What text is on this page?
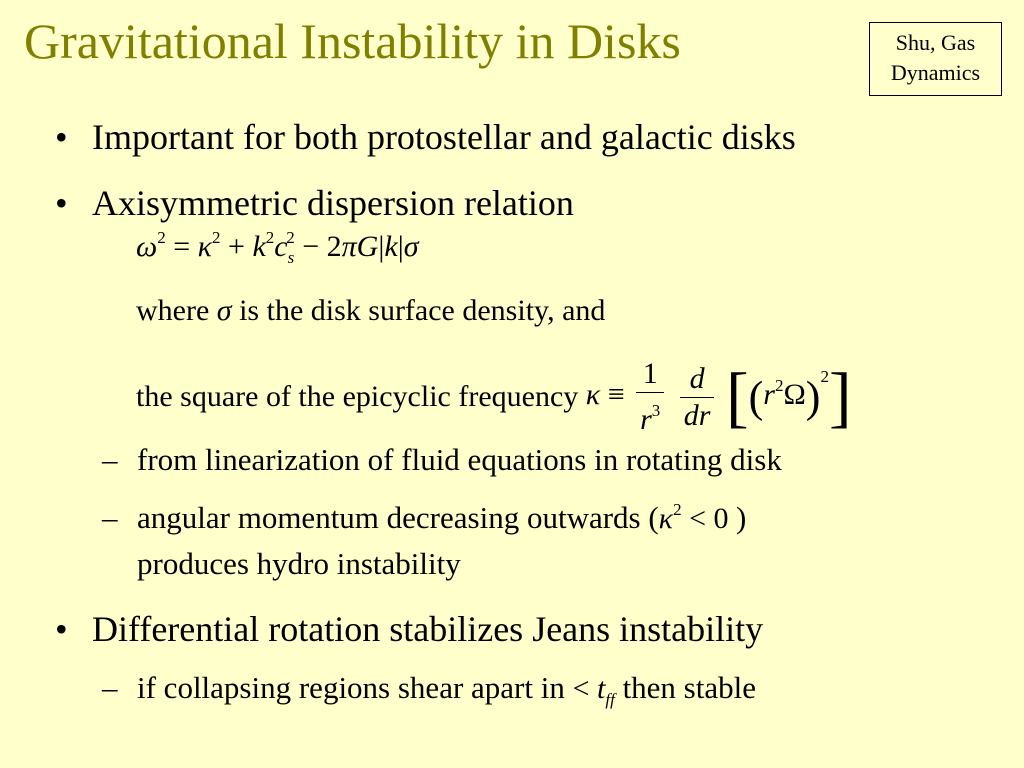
Gravitational Instability in Disks	Shu, Gas
Dynamics
• Important for both protostellar and galactic disks
• Axisymmetric dispersion relation
$\omega^2 = \kappa^2 + k^2c_s^2 - 2\pi G|k|\sigma$
where σ is the disk surface density, and
the square of the epicyclic frequency $\kappa \equiv \frac{1}{r^3}$
$\frac{d}{dr} [(r^2\Omega)^2]$
– from linearization of fluid equations in rotating disk
– angular momentum decreasing outwards ($\kappa^2 < 0$ )
produces hydro instability
• Differential rotation stabilizes Jeans instability
– if collapsing regions shear apart in < $t_{ff}$ then stable
